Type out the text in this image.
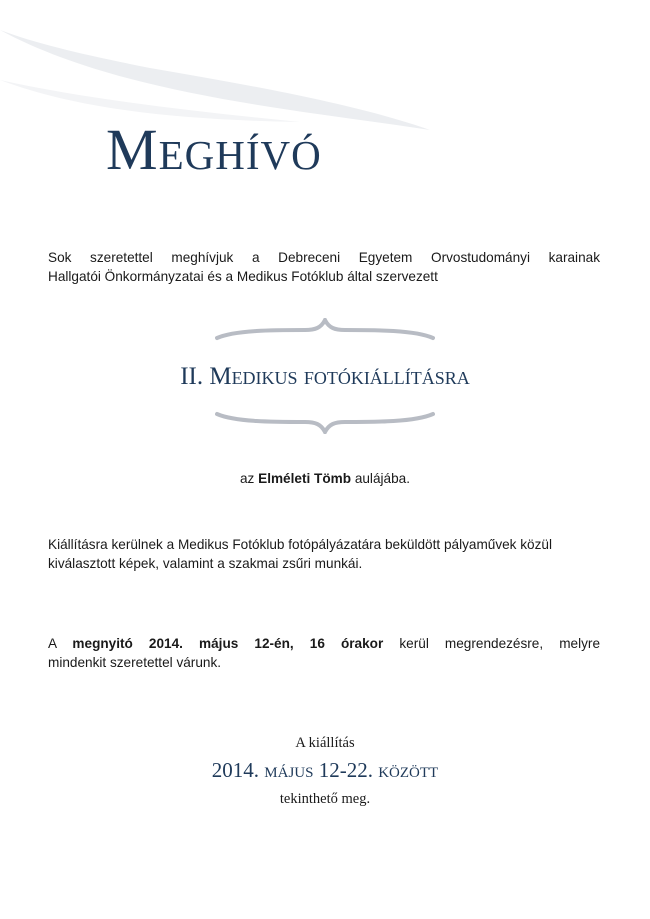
Meghívó
Sok szeretettel meghívjuk a Debreceni Egyetem Orvostudományi karainak
Hallgatói Önkormányzatai és a Medikus Fotóklub által szervezett
II. Medikus fotókiállításra
az Elméleti Tömb aulájába.
Kiállításra kerülnek a Medikus Fotóklub fotópályázatára beküldött pályaművek közül kiválasztott képek, valamint a szakmai zsűri munkái.
A megnyitó 2014. május 12-én, 16 órakor kerül megrendezésre, melyre
mindenkit szeretettel várunk.
A kiállítás
2014. május 12-22. között
tekinthető meg.
